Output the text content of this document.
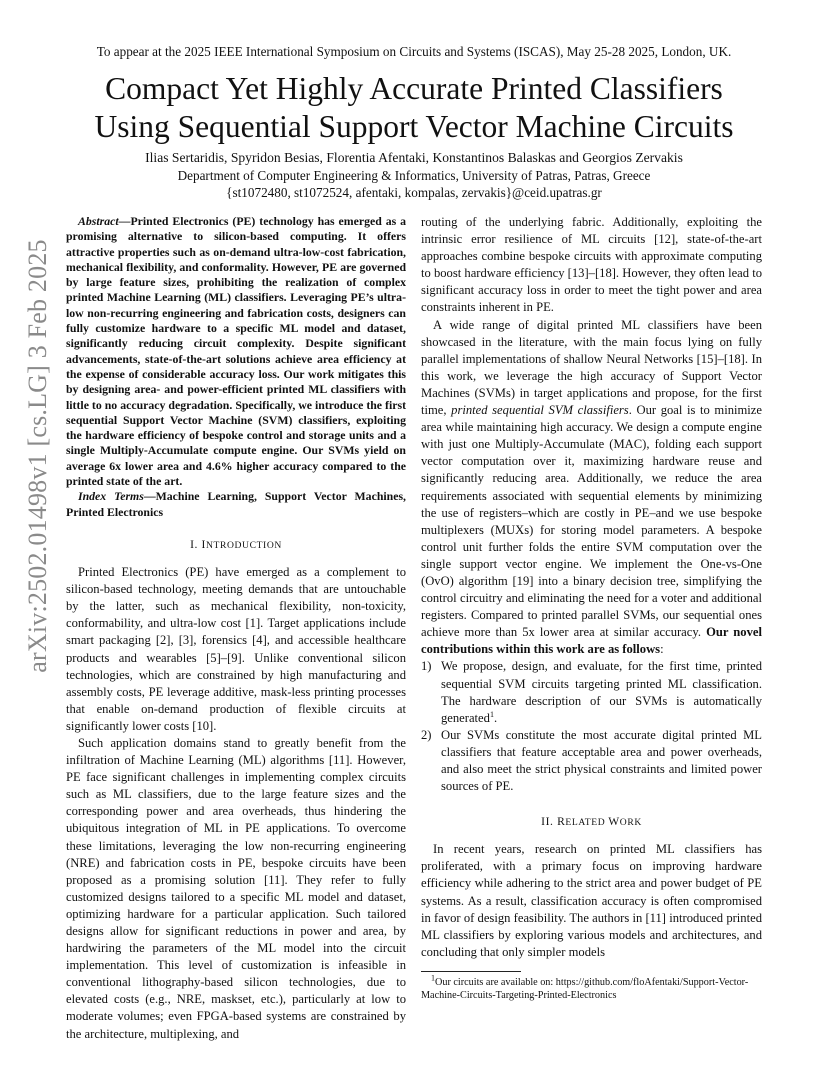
To appear at the 2025 IEEE International Symposium on Circuits and Systems (ISCAS), May 25-28 2025, London, UK.
Compact Yet Highly Accurate Printed Classifiers
Using Sequential Support Vector Machine Circuits
Ilias Sertaridis, Spyridon Besias, Florentia Afentaki, Konstantinos Balaskas and Georgios Zervakis
Department of Computer Engineering & Informatics, University of Patras, Patras, Greece
{st1072480, st1072524, afentaki, kompalas, zervakis}@ceid.upatras.gr
arXiv:2502.01498v1 [cs.LG] 3 Feb 2025

Abstract—Printed Electronics (PE) technology has emerged as a promising alternative to silicon-based computing. It offers attractive properties such as on-demand ultra-low-cost fabrication, mechanical flexibility, and conformality. However, PE are governed by large feature sizes, prohibiting the realization of complex printed Machine Learning (ML) classifiers. Leveraging PE’s ultra-low non-recurring engineering and fabrication costs, designers can fully customize hardware to a specific ML model and dataset, significantly reducing circuit complexity. Despite significant advancements, state-of-the-art solutions achieve area efficiency at the expense of considerable accuracy loss. Our work mitigates this by designing area- and power-efficient printed ML classifiers with little to no accuracy degradation. Specifically, we introduce the first sequential Support Vector Machine (SVM) classifiers, exploiting the hardware efficiency of bespoke control and storage units and a single Multiply-Accumulate compute engine. Our SVMs yield on average 6x lower area and 4.6% higher accuracy compared to the printed state of the art.

Index Terms—Machine Learning, Support Vector Machines, Printed Electronics

I. INTRODUCTION

Printed Electronics (PE) have emerged as a complement to silicon-based technology, meeting demands that are untouchable by the latter, such as mechanical flexibility, non-toxicity, conformability, and ultra-low cost [1]. Target applications include smart packaging [2], [3], forensics [4], and accessible healthcare products and wearables [5]–[9]. Unlike conventional silicon technologies, which are constrained by high manufacturing and assembly costs, PE leverage additive, mask-less printing processes that enable on-demand production of flexible circuits at significantly lower costs [10].

Such application domains stand to greatly benefit from the infiltration of Machine Learning (ML) algorithms [11]. However, PE face significant challenges in implementing complex circuits such as ML classifiers, due to the large feature sizes and the corresponding power and area overheads, thus hindering the ubiquitous integration of ML in PE applications. To overcome these limitations, leveraging the low non-recurring engineering (NRE) and fabrication costs in PE, bespoke circuits have been proposed as a promising solution [11]. They refer to fully customized designs tailored to a specific ML model and dataset, optimizing hardware for a particular application. Such tailored designs allow for significant reductions in power and area, by hardwiring the parameters of the ML model into the circuit implementation. This level of customization is infeasible in conventional lithography-based silicon technologies, due to elevated costs (e.g., NRE, maskset, etc.), particularly at low to moderate volumes; even FPGA-based systems are constrained by the architecture, multiplexing, and

routing of the underlying fabric. Additionally, exploiting the intrinsic error resilience of ML circuits [12], state-of-the-art approaches combine bespoke circuits with approximate computing to boost hardware efficiency [13]–[18]. However, they often lead to significant accuracy loss in order to meet the tight power and area constraints inherent in PE.

A wide range of digital printed ML classifiers have been showcased in the literature, with the main focus lying on fully parallel implementations of shallow Neural Networks [15]–[18]. In this work, we leverage the high accuracy of Support Vector Machines (SVMs) in target applications and propose, for the first time, printed sequential SVM classifiers. Our goal is to minimize area while maintaining high accuracy. We design a compute engine with just one Multiply-Accumulate (MAC), folding each support vector computation over it, maximizing hardware reuse and significantly reducing area. Additionally, we reduce the area requirements associated with sequential elements by minimizing the use of registers–which are costly in PE–and we use bespoke multiplexers (MUXs) for storing model parameters. A bespoke control unit further folds the entire SVM computation over the single support vector engine. We implement the One-vs-One (OvO) algorithm [19] into a binary decision tree, simplifying the control circuitry and eliminating the need for a voter and additional registers. Compared to printed parallel SVMs, our sequential ones achieve more than 5x lower area at similar accuracy. Our novel contributions within this work are as follows:

1) We propose, design, and evaluate, for the first time, printed sequential SVM circuits targeting printed ML classification. The hardware description of our SVMs is automatically generated$^1$.
2) Our SVMs constitute the most accurate digital printed ML classifiers that feature acceptable area and power overheads, and also meet the strict physical constraints and limited power sources of PE.
II. RELATED WORK

In recent years, research on printed ML classifiers has proliferated, with a primary focus on improving hardware efficiency while adhering to the strict area and power budget of PE systems. As a result, classification accuracy is often compromised in favor of design feasibility. The authors in [11] introduced printed ML classifiers by exploring various models and architectures, and concluding that only simpler models

$^1$Our circuits are available on: https://github.com/floAfentaki/Support-Vector-Machine-Circuits-Targeting-Printed-Electronics
